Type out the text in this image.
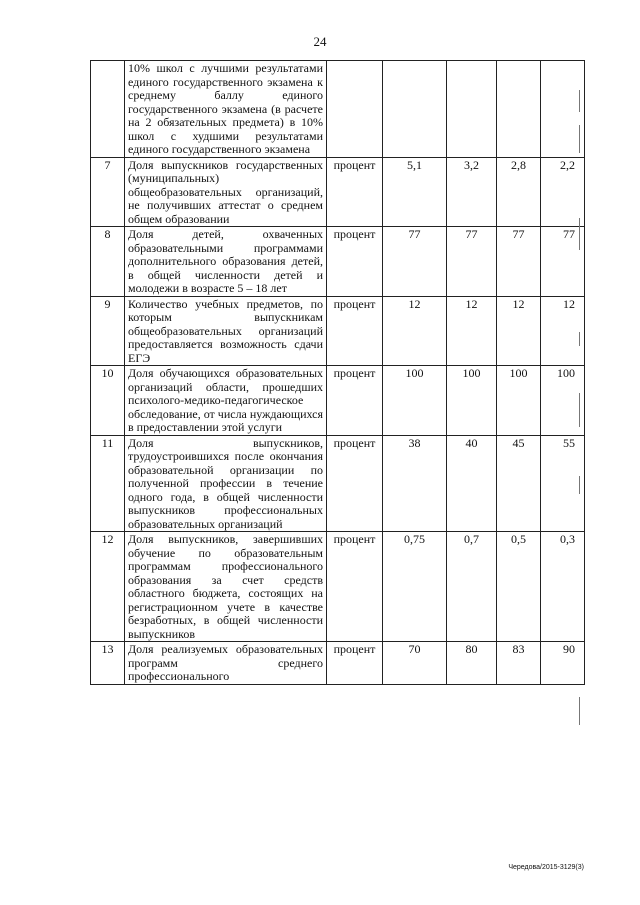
24
	10% школ с лучшими результатами единого государственного экзамена к среднему баллу единого государственного экзамена (в расчете на 2 обязательных предмета) в 10% школ с худшими результатами единого государственного экзамена					
7	Доля выпускников государственных (муниципальных) общеобразовательных организаций, не получивших аттестат о среднем общем образовании	процент	5,1	3,2	2,8	2,2
8	Доля детей, охваченных образовательными программами дополнительного образования детей, в общей численности детей и молодежи в возрасте 5 – 18 лет	процент	77	77	77	77
9	Количество учебных предметов, по которым выпускникам общеобразовательных организаций предоставляется возможность сдачи ЕГЭ	процент	12	12	12	12
10	Доля обучающихся образовательных организаций области, прошедших психолого-медико-педагогическое обследование, от числа нуждающихся в предоставлении этой услуги	процент	100	100	100	100
11	Доля выпускников, трудоустроившихся после окончания образовательной организации по полученной профессии в течение одного года, в общей численности выпускников профессиональных образовательных организаций	процент	38	40	45	55
12	Доля выпускников, завершивших обучение по образовательным программам профессионального образования за счет средств областного бюджета, состоящих на регистрационном учете в качестве безработных, в общей численности выпускников	процент	0,75	0,7	0,5	0,3
13	Доля реализуемых образовательных программ среднего профессионального	процент	70	80	83	90
Чередова/2015-3129(3)
